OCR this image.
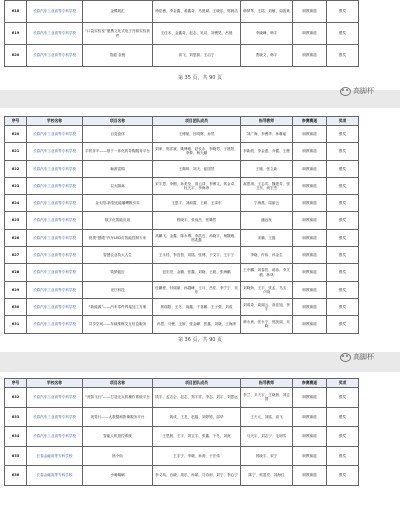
618	长春汽车工业高等专科学校	金蝶展汇	徐佳薇、李金鑫、姜鑫奇、马晨斌、王晓乐、郭晨洁	韩梦琴、王铭、刘敏、周善爽	职教赛道	银奖
619	长春汽车工业高等专科学校	“口袋实验室”便携文化式电子开源实验套件	王佳禾、金鑫奇、赵志、吴双、刘俊昊、吕晨	李晓峰、韩宇	职教赛道	银奖
620	长春汽车工业高等专科学校	智能 金链	高飞、刘思源、王启宁	贾晓文、韩宇	职教赛道	银奖
第 35 页，共 90 页
高脚杯
序号	学校名称	项目名称	项目团队成员	指导教师	参赛赛道	奖项
620	长春汽车工业高等专科学校	百变盘体	王博航、吕明辉、孙然	刘广海、李俊华、孙琳瑶	职教赛道	银奖
621	长春汽车工业高等专科学校	手机伴半——基于一体化的导购服务平台	刘家、郭洋斌、姚博雅、赵长永、李晓男、于晨阳、李梦、杨天顺	李新航、李金惠、乔健、王俊	职教赛道	银奖
622	长春汽车工业高等专科学校	畅游富锦	王佩琦、刘天、崔国然	王刚、张立新	职教赛道	银奖
623	长春汽车工业高等专科学校	以太隔离	宋宇思、李钢、孙美莹、高云泽、李博文、郭金卓、杜天宇、李海涛	郝思琪、王志宾、魏建芳、张卫东、尚宏杰	职教赛道	银奖
624	长春汽车工业高等专科学校	金太阳-新型光能播嗮吸引实	王思宇、刘淑霞、王硕、王泽东	宁海燕、周丽云	职教赛道	银奖
625	长春汽车工业高等专科学校	数字化智能应用	程晓宇、张庭杰、张腾然	潘远发	职教赛道	银奖
626	长春汽车工业高等专科学校	锐观“慧眼”汽车LED灯智能控制专家	高鹏飞、金鑫、陈永博、李洪良、孙晓宇、杨馥雅、邢兆磊	宋鹏、王磊	职教赛道	银奖
627	长春汽车工业高等专科学校	智慧农业执大人生	王永桂、李宜恒、刘铭、张博、于文宇、王宇宁	李晓、许伟、孙金生	职教赛道	银奖
628	长春汽车工业高等专科学校	筑梦能匠	包宏亮、金鹏、张鑫、刘晓、王硕、张海鹏	王中麟、刘春贺、郝伟、李文敏、孙凤	职教赛道	银奖
629	长春汽车工业高等专科学校	光仔科技	杜鹏程、付丽丽、孙越峰、王月、吕佳、李宁宁、吴东	刘晓娇、王宇、张孟、马玉、卢晓	职教赛道	银奖
630	长春汽车工业高等专科学校	“新能源”——汽车零件焊接加工方案	郭瑞阳、王冬、尚鑫、于喜鹏、王子强、刘成	刘成奇、周丽云、高佳旭、李宇	职教赛道	银奖
631	长春汽车工业高等专科学校	共享空间——车载维修交互信息服务	孙思、马俊、王娇、张金峰、张鑫、刘晓、王海涛	韩永贵、张永宁、郭美丽、吴晓	职教赛道	银奖
第 36 页，共 90 页
高脚杯
序号	学校名称	项目名称	项目团队成员	指导教师	参赛赛道	奖项
632	长春汽车工业高等专科学校	“虎智飞行”——打造无人机操作系统平台	钱宇、孟志会、赵志、郑宇祥、李志、刘宇、刘思远	李兰、尹天宇、王晓晨、刘志国	职教赛道	银奖
633	长春汽车工业高等专科学校	视觉行——大数据和影像服务平台	姚成、王龙、赵磊、刘婷婷、邵华	王天元、刘铭、高飞	职教赛道	银奖
634	长春汽车工业高等专科学校	智能人机管控系统	王思晨、王宇、刘宝宇、张鑫、于冬、刘庚	马天宇、刘志宁、毛明雪	职教赛道	银奖
635	长春金融高等专科学校	拯小仙	王宇宁、李晓、孙涛、于宏伟	郭晓宇、宋宁	职教赛道	银奖
636	长春金融高等专科学校	小萌蜗蜗	李义凤、白晓、周乐、孙斌、马诗雨、刘宁、李心宁	陈宁、郭盈亮、刘海红	职教赛道	银奖
